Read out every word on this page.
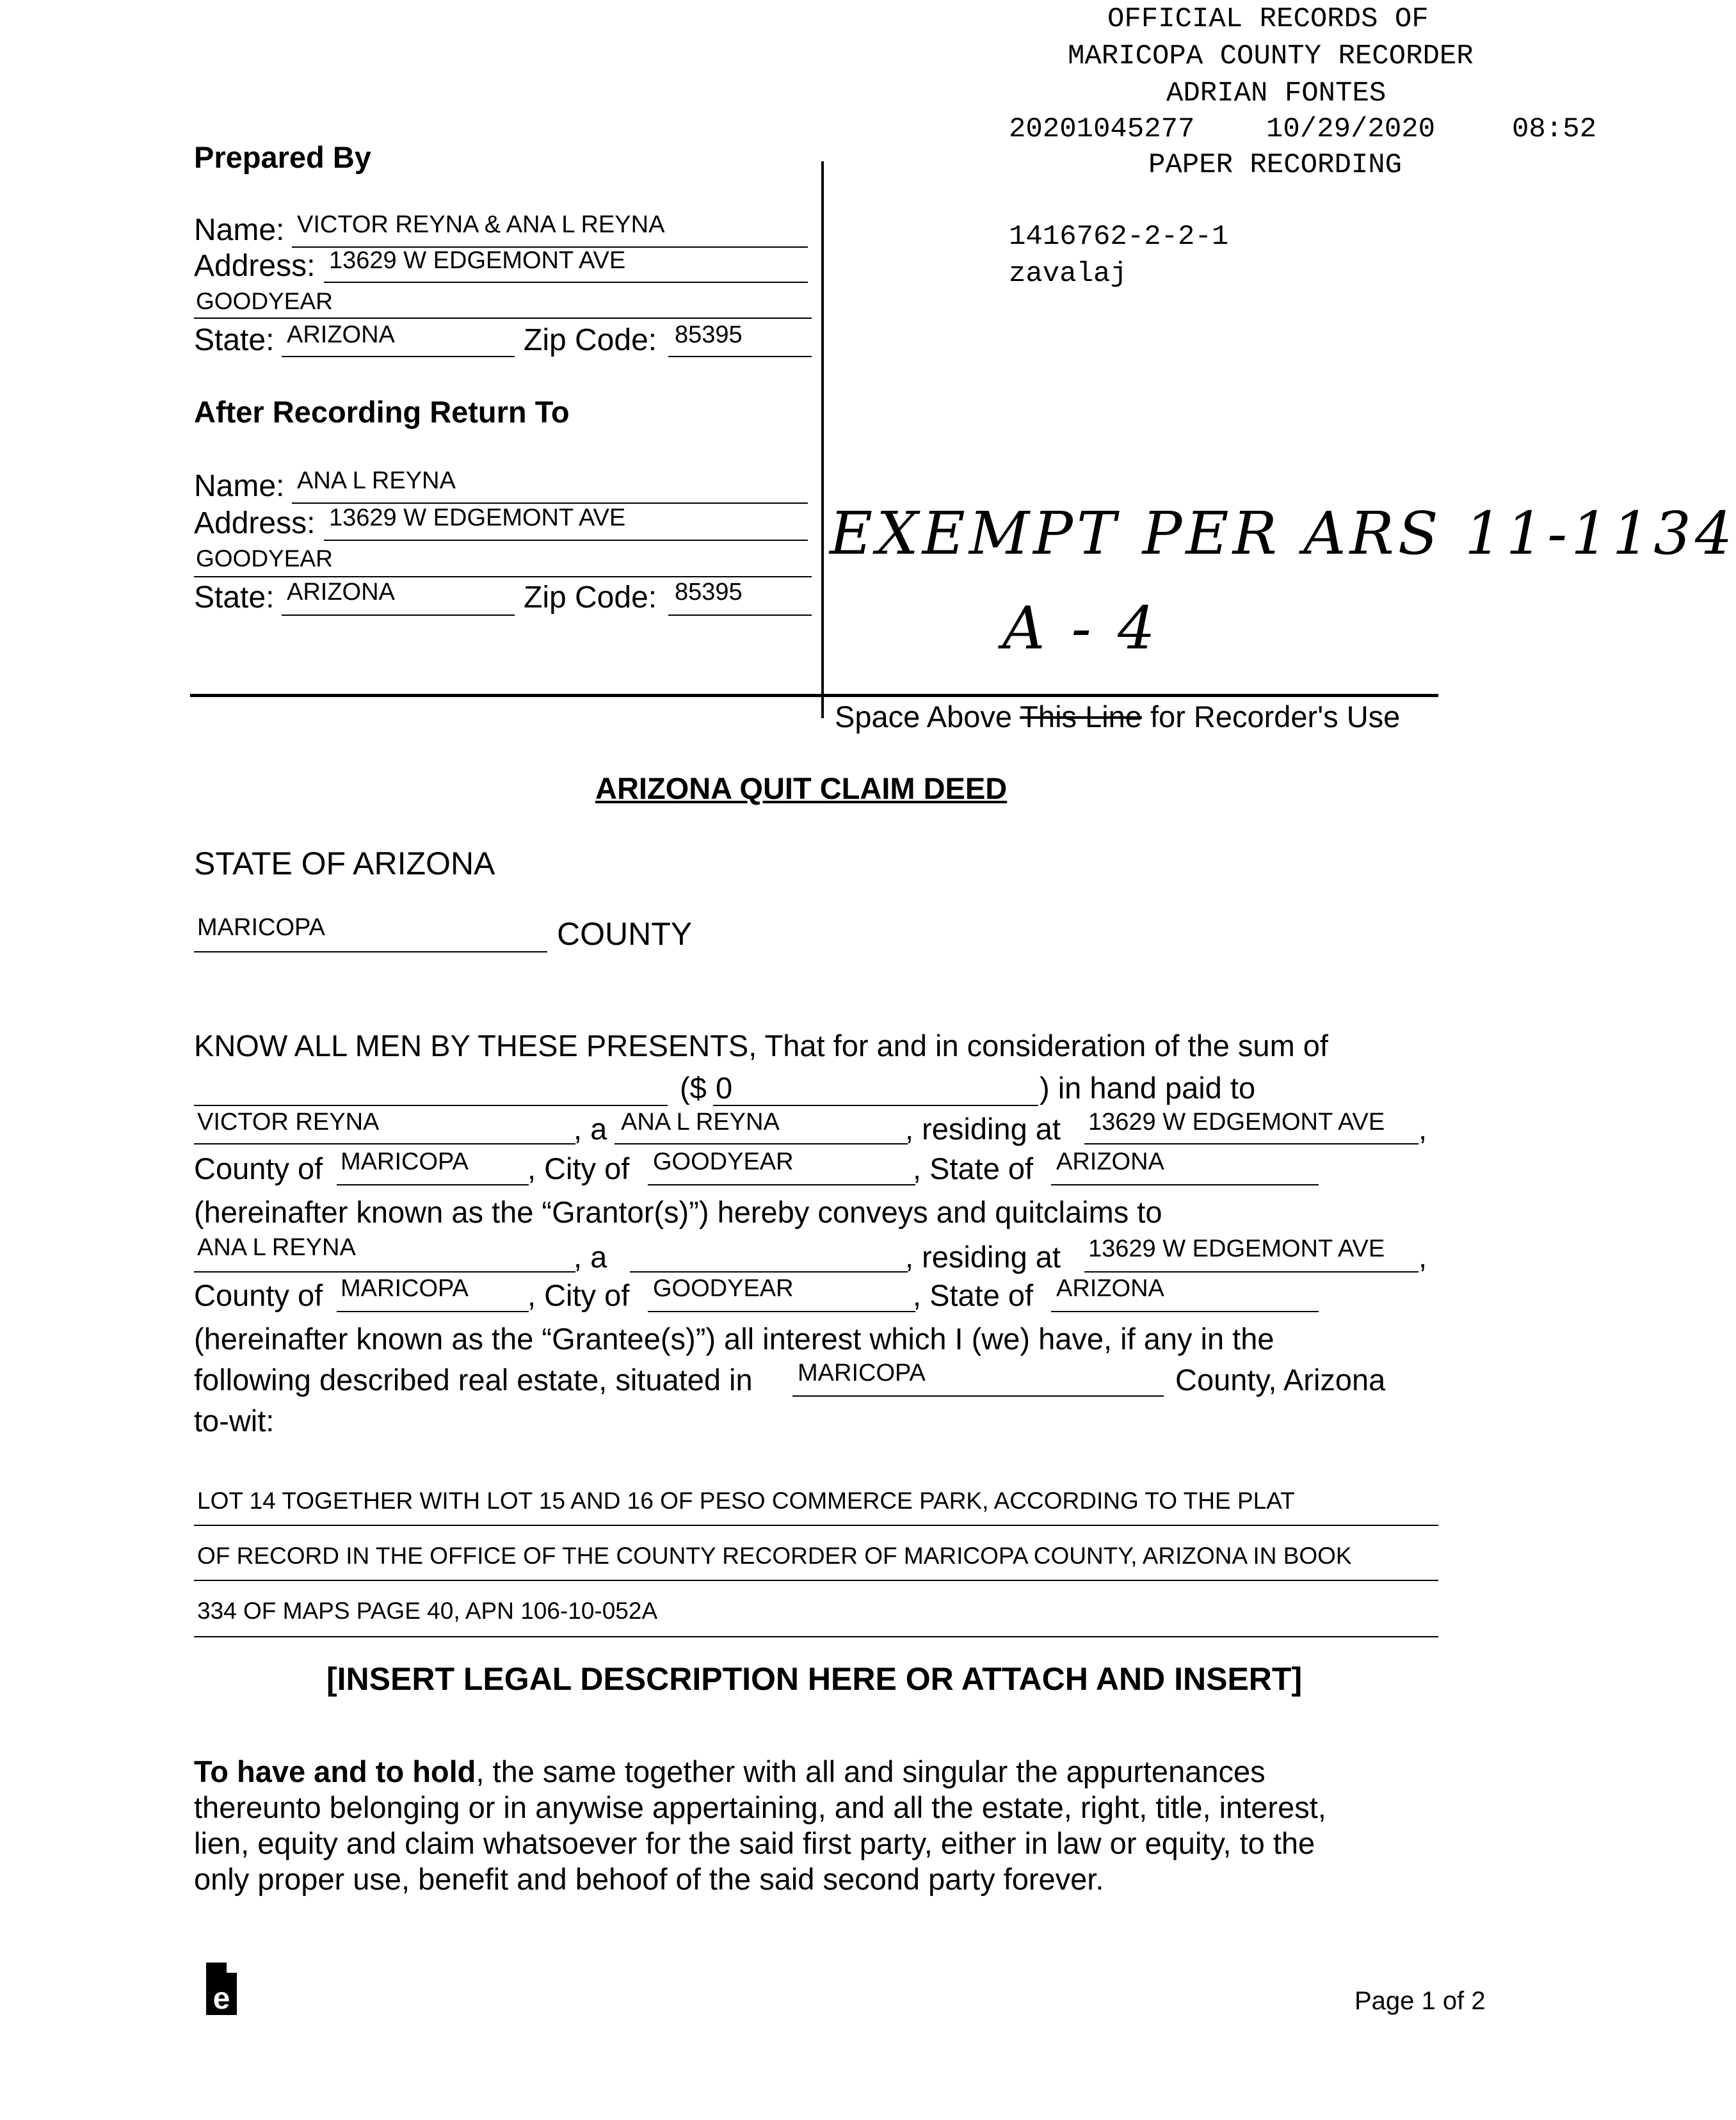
OFFICIAL RECORDS OF
MARICOPA COUNTY RECORDER
ADRIAN FONTES
20201045277	10/29/2020	08:52
PAPER RECORDING
1416762-2-2-1
zavalaj
Prepared By
Name: VICTOR REYNA & ANA L REYNA
Address: 13629 W EDGEMONT AVE
GOODYEAR
State: ARIZONA	Zip Code: 85395
After Recording Return To
Name: ANA L REYNA
Address: 13629 W EDGEMONT AVE
GOODYEAR
State: ARIZONA	Zip Code: 85395
EXEMPT PER ARS 11-1134
A - 4
Space Above This Line for Recorder's Use
ARIZONA QUIT CLAIM DEED
STATE OF ARIZONA
MARICOPA	COUNTY
KNOW ALL MEN BY THESE PRESENTS, That for and in consideration of the sum of
($ 0	) in hand paid to
VICTOR REYNA	, a ANA L REYNA	, residing at 13629 W EDGEMONT AVE ,
County of MARICOPA , City of GOODYEAR	, State of ARIZONA
(hereinafter known as the “Grantor(s)”) hereby conveys and quitclaims to
ANA L REYNA	, a	, residing at 13629 W EDGEMONT AVE ,
County of MARICOPA , City of GOODYEAR	, State of ARIZONA
(hereinafter known as the “Grantee(s)”) all interest which I (we) have, if any in the
following described real estate, situated in MARICOPA	County, Arizona
to-wit:
LOT 14 TOGETHER WITH LOT 15 AND 16 OF PESO COMMERCE PARK, ACCORDING TO THE PLAT
OF RECORD IN THE OFFICE OF THE COUNTY RECORDER OF MARICOPA COUNTY, ARIZONA IN BOOK
334 OF MAPS PAGE 40, APN 106-10-052A
[INSERT LEGAL DESCRIPTION HERE OR ATTACH AND INSERT]
To have and to hold, the same together with all and singular the appurtenances
thereunto belonging or in anywise appertaining, and all the estate, right, title, interest,
lien, equity and claim whatsoever for the said first party, either in law or equity, to the
only proper use, benefit and behoof of the said second party forever.
e	Page 1 of 2
